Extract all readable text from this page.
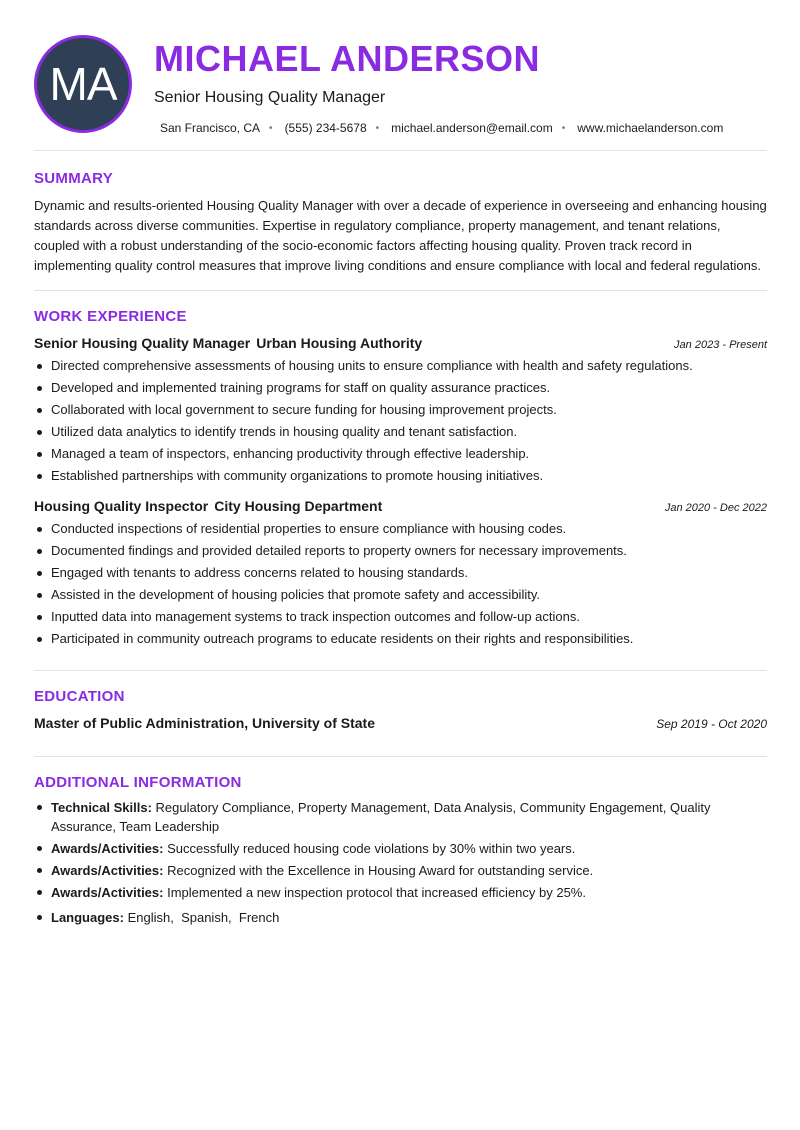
MA MICHAEL ANDERSON
Senior Housing Quality Manager
San Francisco, CA • (555) 234-5678 • michael.anderson@email.com • www.michaelanderson.com
SUMMARY

Dynamic and results-oriented Housing Quality Manager with over a decade of experience in overseeing and enhancing housing standards across diverse communities. Expertise in regulatory compliance, property management, and tenant relations, coupled with a robust understanding of the socio-economic factors affecting housing quality. Proven track record in implementing quality control measures that improve living conditions and ensure compliance with local and federal regulations.

WORK EXPERIENCE
Senior Housing Quality Manager Urban Housing Authority	Jan 2023 - Present
Directed comprehensive assessments of housing units to ensure compliance with health and safety regulations.
Developed and implemented training programs for staff on quality assurance practices.
Collaborated with local government to secure funding for housing improvement projects.
Utilized data analytics to identify trends in housing quality and tenant satisfaction.
Managed a team of inspectors, enhancing productivity through effective leadership.
Established partnerships with community organizations to promote housing initiatives.
Housing Quality Inspector City Housing Department	Jan 2020 - Dec 2022
Conducted inspections of residential properties to ensure compliance with housing codes.
Documented findings and provided detailed reports to property owners for necessary improvements.
Engaged with tenants to address concerns related to housing standards.
Assisted in the development of housing policies that promote safety and accessibility.
Inputted data into management systems to track inspection outcomes and follow-up actions.
Participated in community outreach programs to educate residents on their rights and responsibilities.
EDUCATION
Master of Public Administration, University of State	Sep 2019 - Oct 2020
ADDITIONAL INFORMATION
Technical Skills: Regulatory Compliance, Property Management, Data Analysis, Community Engagement, Quality Assurance, Team Leadership
Awards/Activities: Successfully reduced housing code violations by 30% within two years.
Awards/Activities: Recognized with the Excellence in Housing Award for outstanding service.
Awards/Activities: Implemented a new inspection protocol that increased efficiency by 25%.
Languages: English,  Spanish,  French
